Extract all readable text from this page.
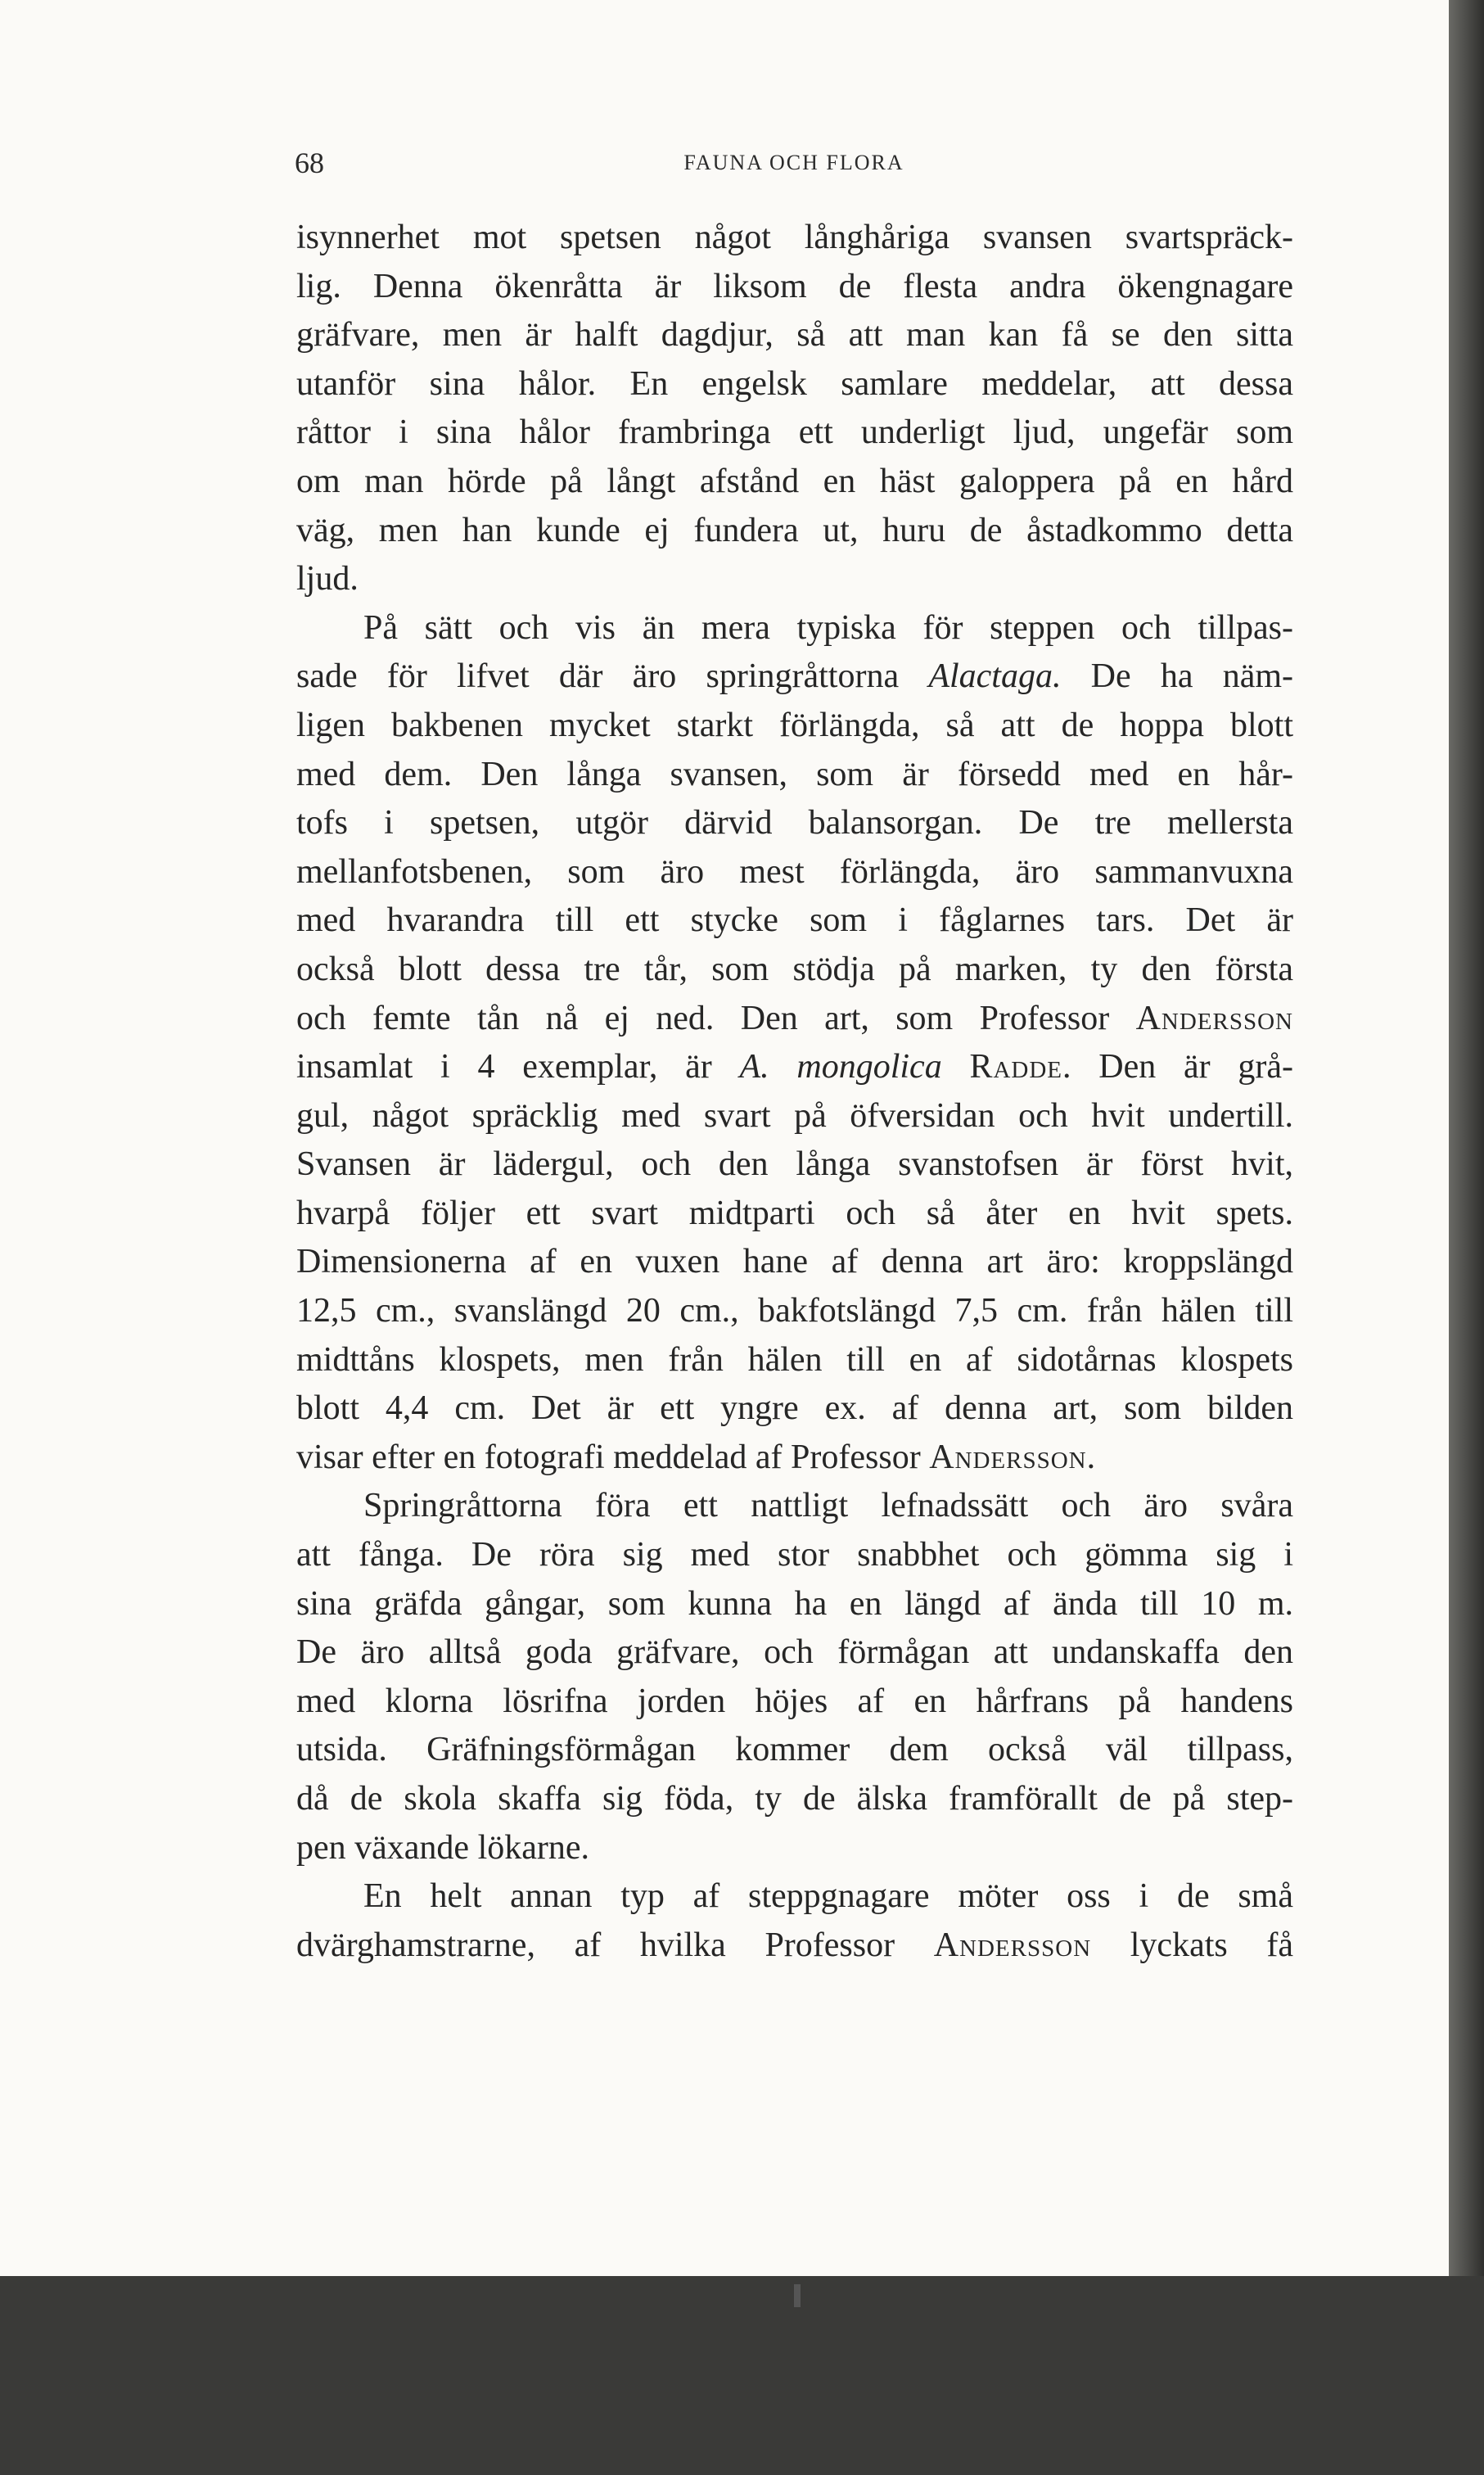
68	FAUNA OCH FLORA
isynnerhet mot spetsen något långhåriga svansen svartspräck-
lig. Denna ökenråtta är liksom de flesta andra ökengnagare
gräfvare, men är halft dagdjur, så att man kan få se den sitta
utanför sina hålor. En engelsk samlare meddelar, att dessa
råttor i sina hålor frambringa ett underligt ljud, ungefär som
om man hörde på långt afstånd en häst galoppera på en hård
väg, men han kunde ej fundera ut, huru de åstadkommo detta
ljud.
På sätt och vis än mera typiska för steppen och tillpas-
sade för lifvet där äro springråttorna Alactaga. De ha näm-
ligen bakbenen mycket starkt förlängda, så att de hoppa blott
med dem. Den långa svansen, som är försedd med en hår-
tofs i spetsen, utgör därvid balansorgan. De tre mellersta
mellanfotsbenen, som äro mest förlängda, äro sammanvuxna
med hvarandra till ett stycke som i fåglarnes tars. Det är
också blott dessa tre tår, som stödja på marken, ty den första
och femte tån nå ej ned. Den art, som Professor Andersson
insamlat i 4 exemplar, är A. mongolica Radde. Den är grå-
gul, något spräcklig med svart på öfversidan och hvit undertill.
Svansen är lädergul, och den långa svanstofsen är först hvit,
hvarpå följer ett svart midtparti och så åter en hvit spets.
Dimensionerna af en vuxen hane af denna art äro: kroppslängd
12,5 cm., svanslängd 20 cm., bakfotslängd 7,5 cm. från hälen till
midttåns klospets, men från hälen till en af sidotårnas klospets
blott 4,4 cm. Det är ett yngre ex. af denna art, som bilden
visar efter en fotografi meddelad af Professor Andersson.
Springråttorna föra ett nattligt lefnadssätt och äro svåra
att fånga. De röra sig med stor snabbhet och gömma sig i
sina gräfda gångar, som kunna ha en längd af ända till 10 m.
De äro alltså goda gräfvare, och förmågan att undanskaffa den
med klorna lösrifna jorden höjes af en hårfrans på handens
utsida. Gräfningsförmågan kommer dem också väl tillpass,
då de skola skaffa sig föda, ty de älska framförallt de på step-
pen växande lökarne.
En helt annan typ af steppgnagare möter oss i de små
dvärghamstrarne, af hvilka Professor Andersson lyckats få
